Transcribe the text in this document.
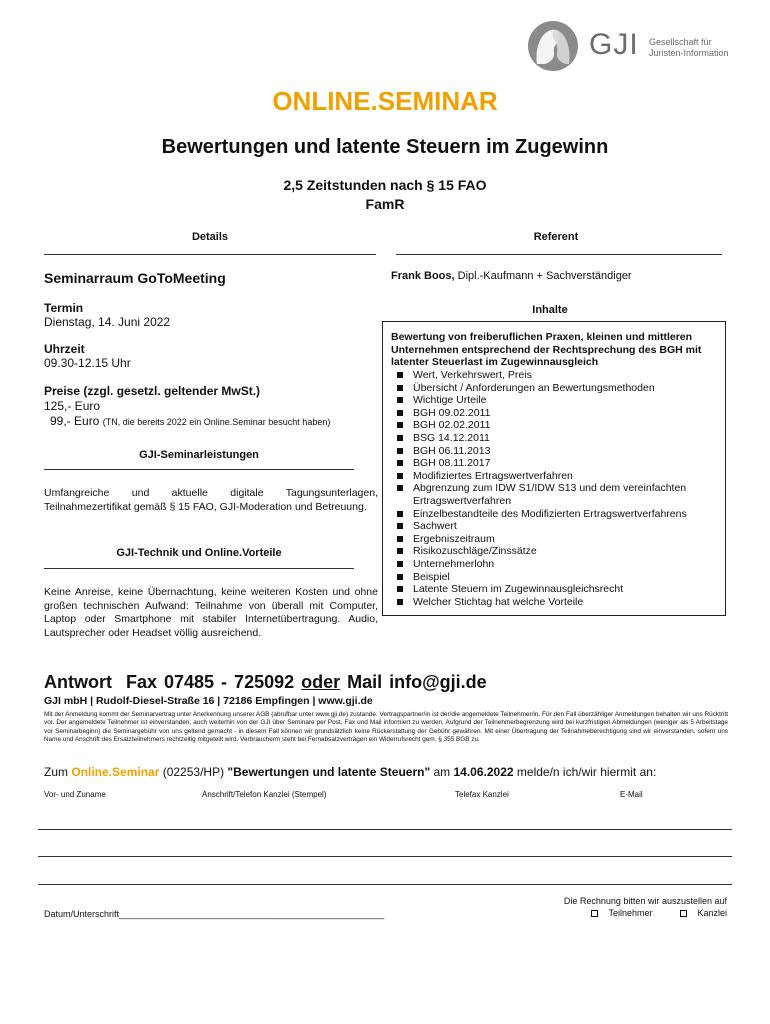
GJI Gesellschaft für
Juristen-Information
ONLINE.SEMINAR
Bewertungen und latente Steuern im Zugewinn
2,5 Zeitstunden nach § 15 FAO
FamR
Details	Referent
Seminarraum GoToMeeting	Frank Boos, Dipl.-Kaufmann + Sachverständiger
Termin
Dienstag, 14. Juni 2022
Uhrzeit
09.30-12.15 Uhr
Preise (zzgl. gesetzl. geltender MwSt.)
125,- Euro
99,- Euro (TN, die bereits 2022 ein Online.Seminar besucht haben)
Inhalte
Bewertung von freiberuflichen Praxen, kleinen und mittleren Unternehmen entsprechend der Rechtsprechung des BGH mit latenter Steuerlast im Zugewinnausgleich
Wert, Verkehrswert, Preis
Übersicht / Anforderungen an Bewertungsmethoden
Wichtige Urteile
BGH 09.02.2011
BGH 02.02.2011
BSG 14.12.2011
BGH 06.11.2013
BGH 08.11.2017
Modifiziertes Ertragswertverfahren
Abgrenzung zum IDW S1/IDW S13 und dem vereinfachten Ertragswertverfahren
Einzelbestandteile des Modifizierten Ertragswertverfahrens
Sachwert
Ergebniszeitraum
Risikozuschläge/Zinssätze
Unternehmerlohn
Beispiel
Latente Steuern im Zugewinnausgleichsrecht
Welcher Stichtag hat welche Vorteile
GJI-Seminarleistungen
Umfangreiche und aktuelle digitale Tagungsunterlagen, Teilnahmezertifikat gemäß § 15 FAO, GJI-Moderation und Betreuung.
GJI-Technik und Online.Vorteile
Keine Anreise, keine Übernachtung, keine weiteren Kosten und ohne großen technischen Aufwand: Teilnahme von überall mit Computer, Laptop oder Smartphone mit stabiler Internetübertragung. Audio, Lautsprecher oder Headset völlig ausreichend.
Antwort  Fax 07485 - 725092 oder Mail info@gji.de
GJI mbH | Rudolf-Diesel-Straße 16 | 72186 Empfingen | www.gji.de
Mit der Anmeldung kommt der Seminarvertrag unter Anerkennung unserer AGB (abrufbar unter www.gji.de) zustande. Vertragspartner/in ist der/die angemeldete Teilnehmer/in. Für den Fall überzähliger Anmeldungen behalten wir uns Rücktritt vor. Der angemeldete Teilnehmer ist einverstanden, auch weiterhin von der GJI über Seminare per Post, Fax und Mail informiert zu werden. Aufgrund der Teilnehmerbegrenzung wird bei kurzfristigen Abmeldungen (weniger als 5 Arbeitstage vor Seminarbeginn) die Seminargebühr von uns geltend gemacht - in diesem Fall können wir grundsätzlich keine Rückerstattung der Gebühr gewähren. Mit einer Übertragung der Teilnahmeberechtigung sind wir einverstanden, sofern uns Name und Anschrift des Ersatzteilnehmers rechtzeitig mitgeteilt wird. Verbraucherm steht bei Fernabsatzverträgen ein Widerrufsrecht gem. § 355 BGB zu.
Zum Online.Seminar (02253/HP) "Bewertungen und latente Steuern" am 14.06.2022 melde/n ich/wir hiermit an:
Vor- und Zuname	Anschrift/Telefon Kanzlei (Stempel)	Telefax Kanzlei	E-Mail
Die Rechnung bitten wir auszustellen auf
Teilnehmer	Kanzlei
Datum/Unterschrift_____________________________________________________
